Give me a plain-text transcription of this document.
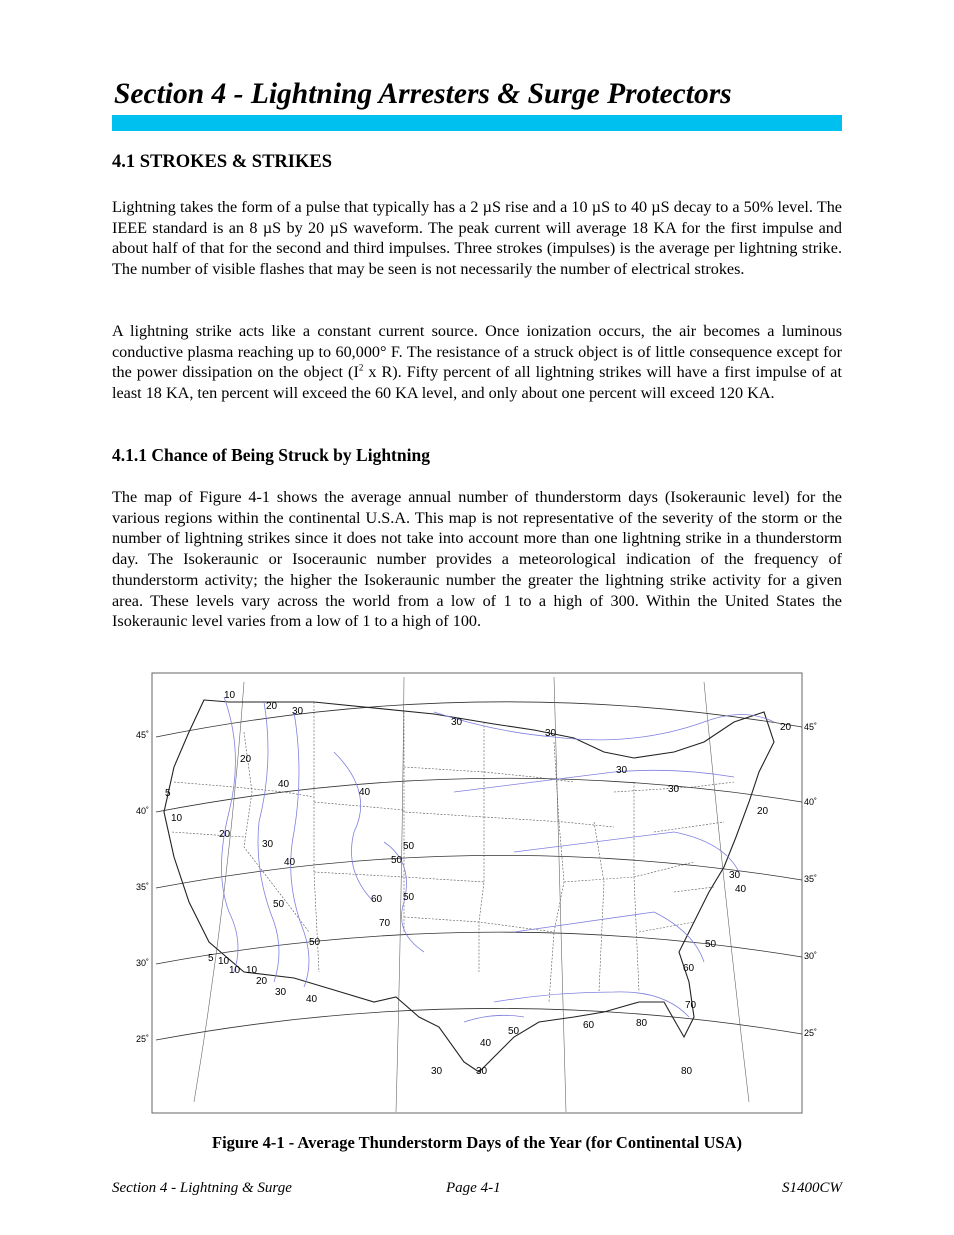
Section 4 - Lightning Arresters & Surge Protectors
4.1 STROKES & STRIKES

Lightning takes the form of a pulse that typically has a 2 µS rise and a 10 µS to 40 µS decay to a 50% level. The IEEE standard is an 8 µS by 20 µS waveform. The peak current will average 18 KA for the first impulse and about half of that for the second and third impulses. Three strokes (impulses) is the average per lightning strike. The number of visible flashes that may be seen is not necessarily the number of electrical strokes.

A lightning strike acts like a constant current source. Once ionization occurs, the air becomes a luminous conductive plasma reaching up to 60,000° F. The resistance of a struck object is of little consequence except for the power dissipation on the object ($I^2$ x R). Fifty percent of all lightning strikes will have a first impulse of at least 18 KA, ten percent will exceed the 60 KA level, and only about one percent will exceed 120 KA.

4.1.1 Chance of Being Struck by Lightning

The map of Figure 4-1 shows the average annual number of thunderstorm days (Isokeraunic level) for the various regions within the continental U.S.A. This map is not representative of the severity of the storm or the number of lightning strikes since it does not take into account more than one lightning strike in a thunderstorm day. The Isokeraunic or Isoceraunic number provides a meteorological indication of the frequency of thunderstorm activity; the higher the Isokeraunic number the greater the lightning strike activity for a given area. These levels vary across the world from a low of 1 to a high of 300. Within the United States the Isokeraunic level varies from a low of 1 to a high of 100.

45˚
40˚
35˚
30˚
25˚
45˚
40˚
35˚
30˚
25˚
10
20 30
30
30
20
20
40
40
30
5
10
20
30
40
50
50
20
50	60 50
70
30
40
50
5 10
10 10
20
30
40
50
60
70
80
60
50
40
30	30	80
30

Figure 4-1 - Average Thunderstorm Days of the Year (for Continental USA)

Section 4 - Lightning & Surge	Page 4-1	S1400CW
